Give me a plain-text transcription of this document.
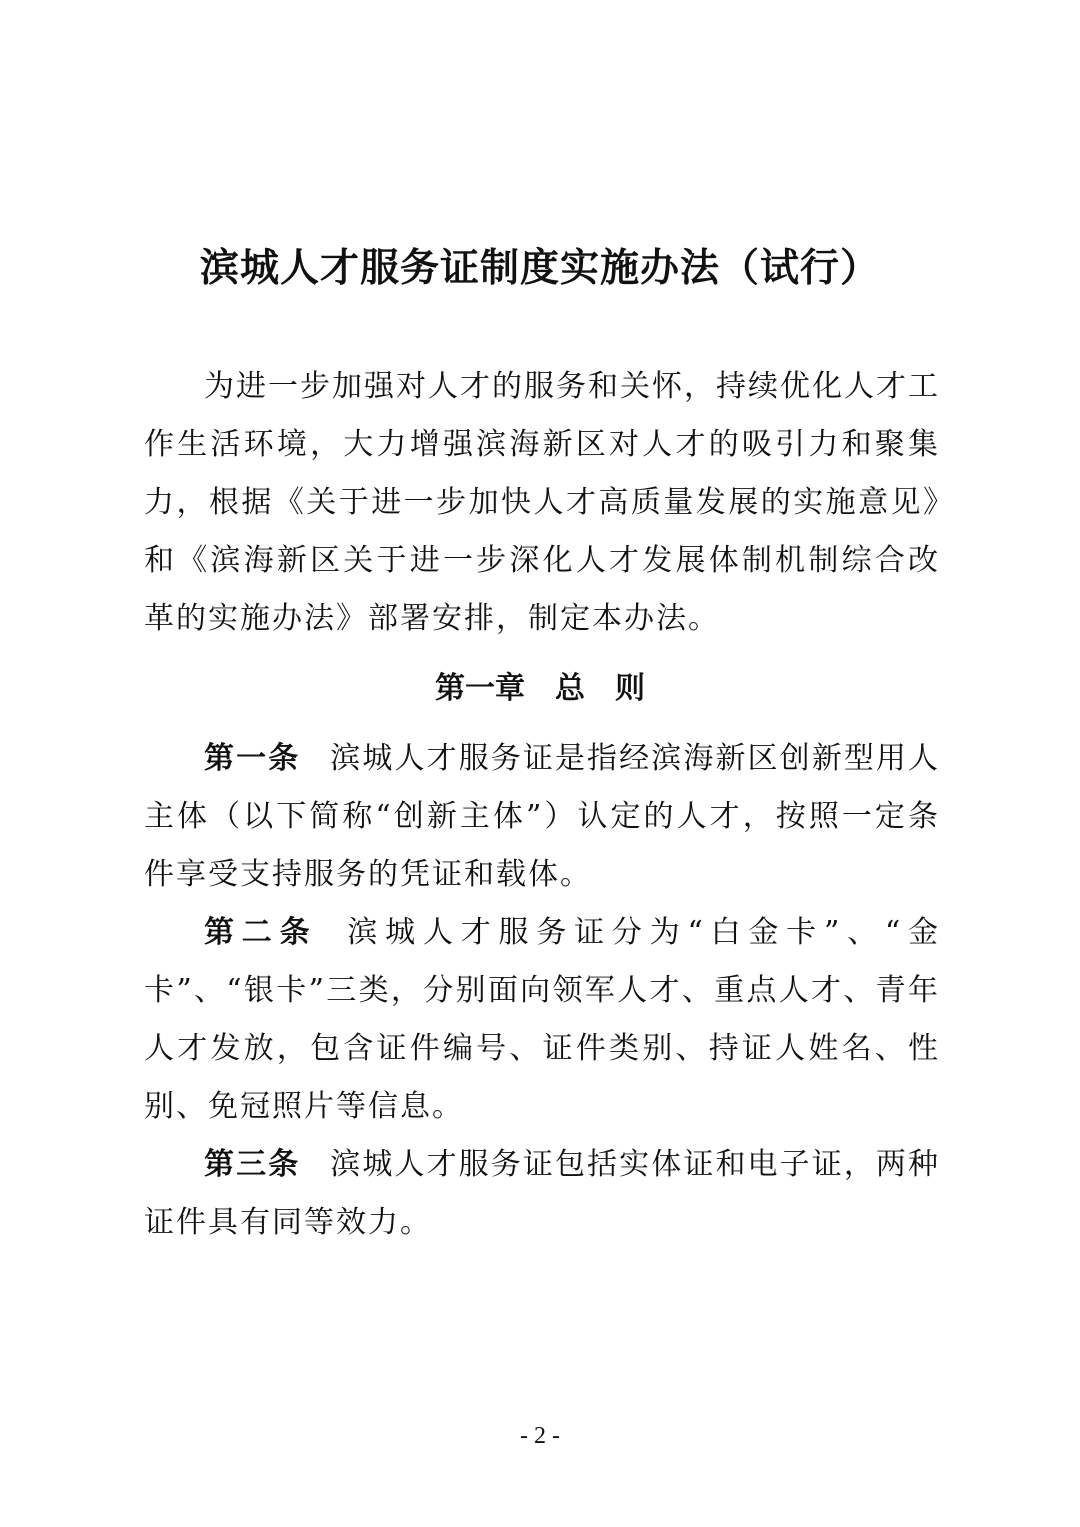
滨城人才服务证制度实施办法（试行）

为进一步加强对人才的服务和关怀，持续优化人才工作生活环境，大力增强滨海新区对人才的吸引力和聚集力，根据《关于进一步加快人才高质量发展的实施意见》和《滨海新区关于进一步深化人才发展体制机制综合改革的实施办法》部署安排，制定本办法。

第一章　总　则

第一条 滨城人才服务证是指经滨海新区创新型用人主体（以下简称“创新主体”）认定的人才，按照一定条件享受支持服务的凭证和载体。

第二条 滨城人才服务证分为“白金卡”、“金卡”、“银卡”三类，分别面向领军人才、重点人才、青年人才发放，包含证件编号、证件类别、持证人姓名、性别、免冠照片等信息。

第三条 滨城人才服务证包括实体证和电子证，两种证件具有同等效力。

- 2 -
